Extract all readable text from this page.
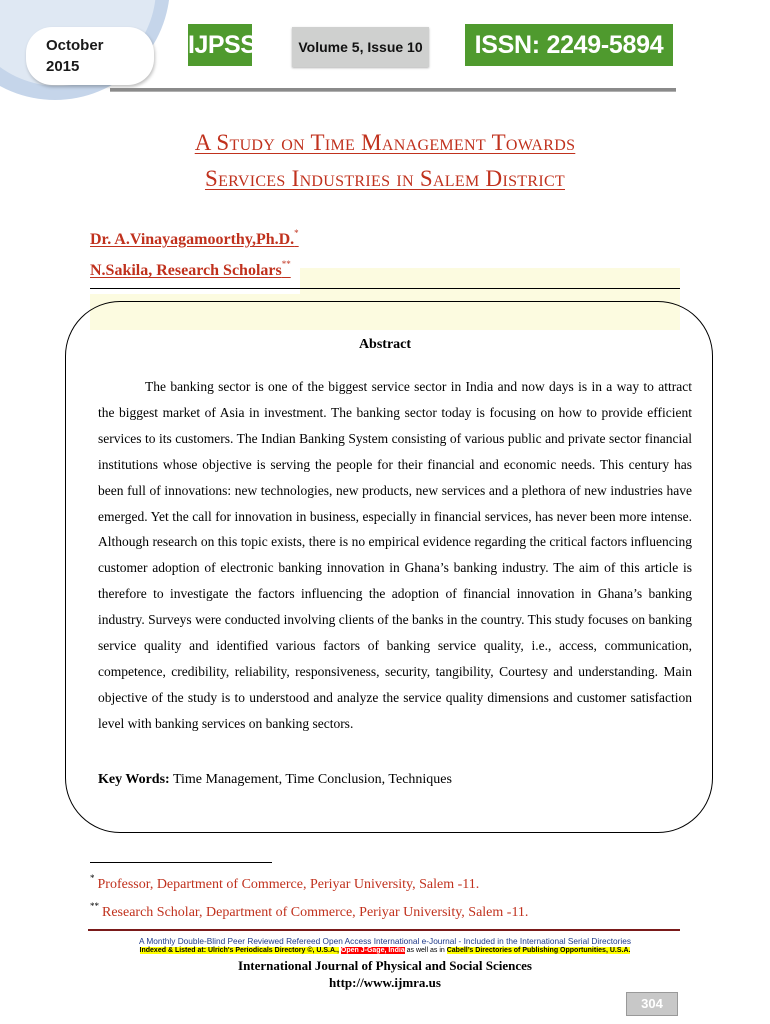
October
2015
IJPSS	Volume 5, Issue 10	ISSN: 2249-5894
A Study on Time Management Towards
Services Industries in Salem District
Dr. A.Vinayagamoorthy,Ph.D.*
N.Sakila, Research Scholars**
Abstract
The banking sector is one of the biggest service sector in India and now days is in a way to attract the biggest market of Asia in investment. The banking sector today is focusing on how to provide efficient services to its customers. The Indian Banking System consisting of various public and private sector financial institutions whose objective is serving the people for their financial and economic needs. This century has been full of innovations: new technologies, new products, new services and a plethora of new industries have emerged. Yet the call for innovation in business, especially in financial services, has never been more intense. Although research on this topic exists, there is no empirical evidence regarding the critical factors influencing customer adoption of electronic banking innovation in Ghana’s banking industry. The aim of this article is therefore to investigate the factors influencing the adoption of financial innovation in Ghana’s banking industry. Surveys were conducted involving clients of the banks in the country. This study focuses on banking service quality and identified various factors of banking service quality, i.e., access, communication, competence, credibility, reliability, responsiveness, security, tangibility, Courtesy and understanding. Main objective of the study is to understood and analyze the service quality dimensions and customer satisfaction level with banking services on banking sectors.
Key Words: Time Management, Time Conclusion, Techniques
* Professor, Department of Commerce, Periyar University, Salem -11.
** Research Scholar, Department of Commerce, Periyar University, Salem -11.
A Monthly Double-Blind Peer Reviewed Refereed Open Access International e-Journal - Included in the International Serial Directories
Indexed & Listed at: Ulrich's Periodicals Directory ©, U.S.A., Open J-Gage, India as well as in Cabell’s Directories of Publishing Opportunities, U.S.A.
International Journal of Physical and Social Sciences
http://www.ijmra.us
304
